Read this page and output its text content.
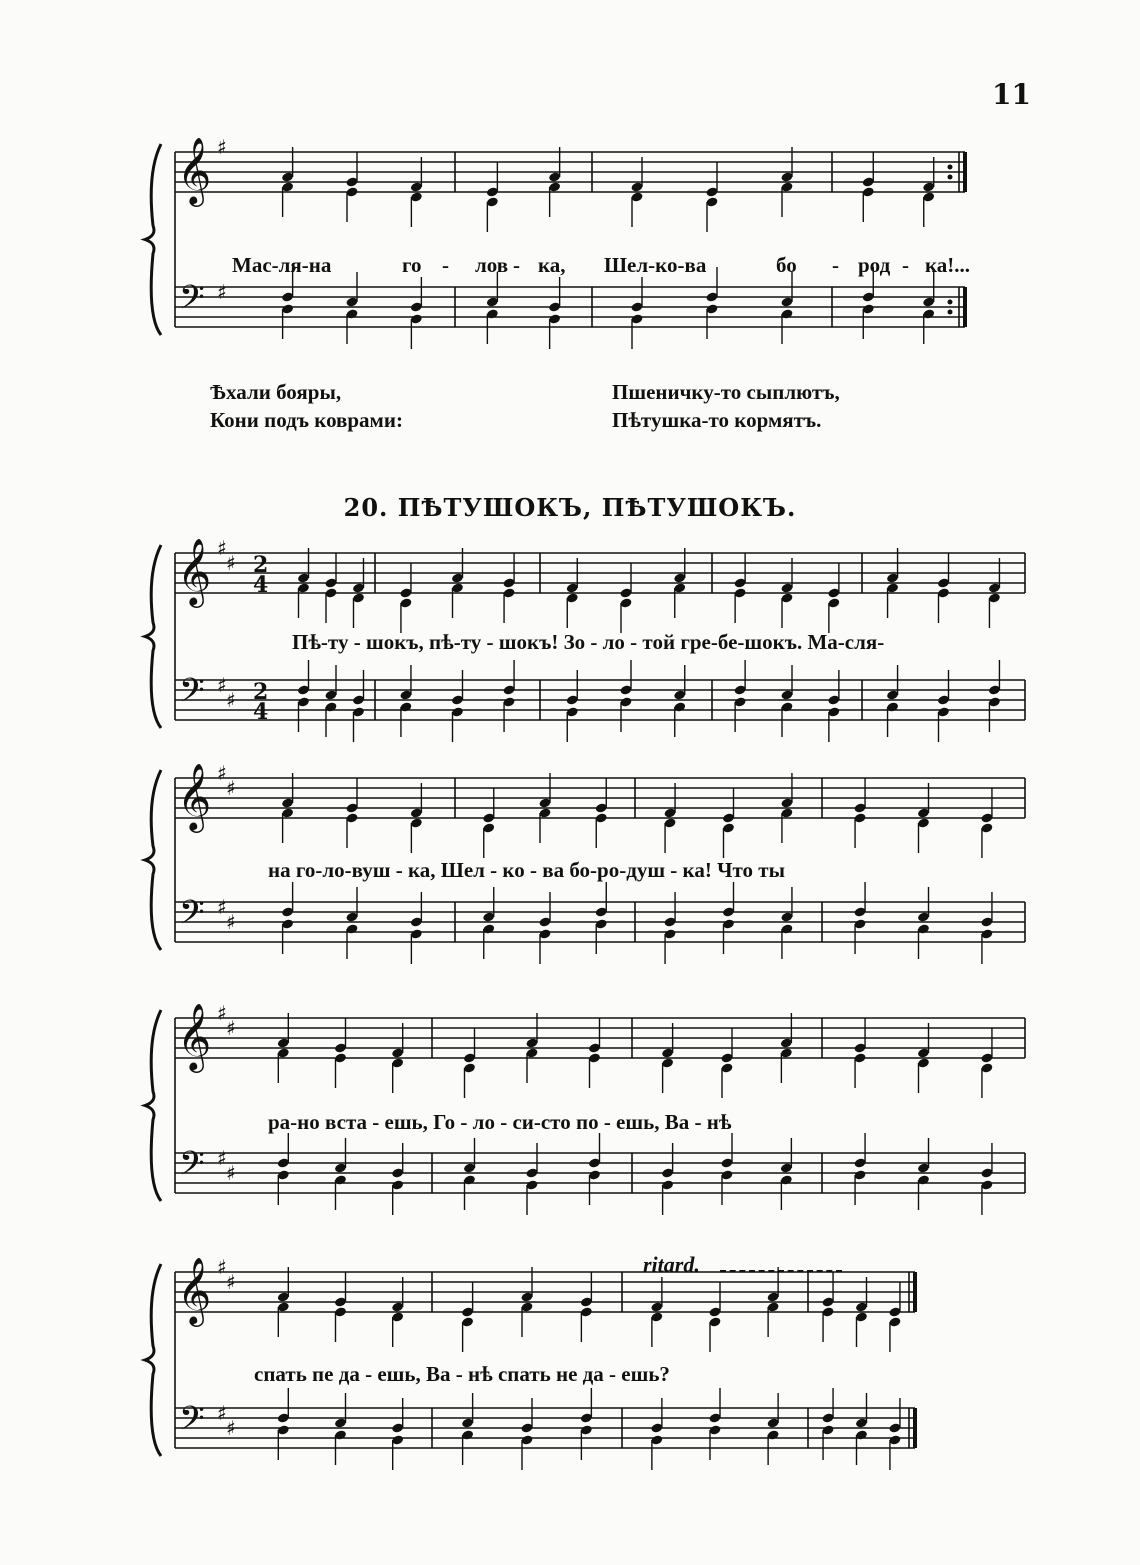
𝄞
𝄢
♯
♯
𝄞
𝄢
♯
♯
♯
♯
2
4
2
4
𝄞
𝄢
♯
♯
♯
♯
𝄞
𝄢
♯
♯
♯
♯
𝄞
𝄢
♯
♯
♯
♯
Мас-ля-на	го - лов - ка, Шел-ко-ва	бо - род - ка!...
11
Ѣхали бояры,
Кони подъ коврами:
Пшеничку-то сыплютъ,
Пѣтушка-то кормятъ.
20. ПѢТУШОКЪ, ПѢТУШОКЪ.
Пѣ-ту - шокъ, пѣ-ту - шокъ! Зо - ло - той гре-бе-шокъ. Ма-сля-
на го-ло-вуш - ка, Шел - ко - ва бо-ро-душ - ка! Что ты
ра-но вста - ешь, Го - ло - си-сто по - ешь, Ва - нѣ
спать пе да - ешь, Ва - нѣ спать не да - ешь?
ritard.
